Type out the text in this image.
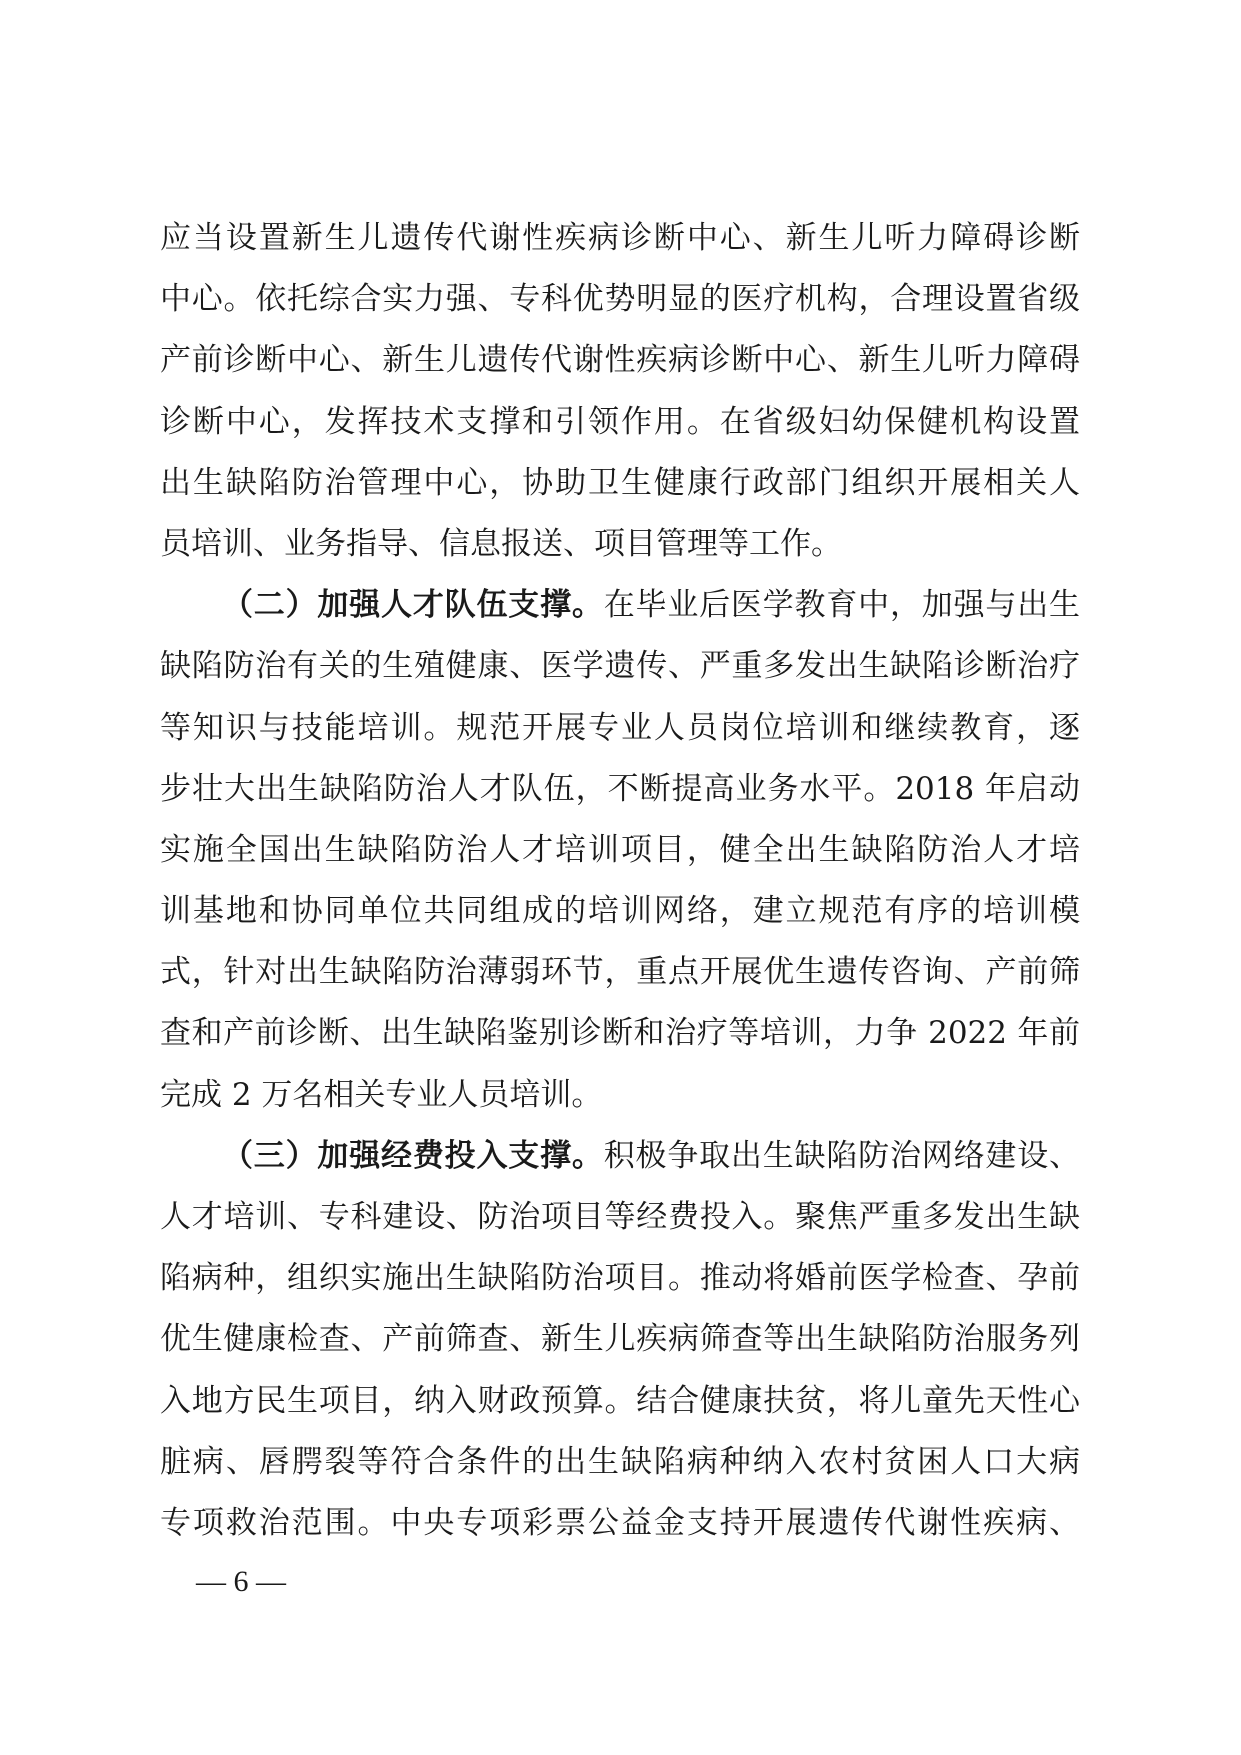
应当设置新生儿遗传代谢性疾病诊断中心、新生儿听力障碍诊断
中心。依托综合实力强、专科优势明显的医疗机构，合理设置省级
产前诊断中心、新生儿遗传代谢性疾病诊断中心、新生儿听力障碍
诊断中心，发挥技术支撑和引领作用。在省级妇幼保健机构设置
出生缺陷防治管理中心，协助卫生健康行政部门组织开展相关人
员培训、业务指导、信息报送、项目管理等工作。
（二）加强人才队伍支撑。在毕业后医学教育中，加强与出生
缺陷防治有关的生殖健康、医学遗传、严重多发出生缺陷诊断治疗
等知识与技能培训。规范开展专业人员岗位培训和继续教育，逐
步壮大出生缺陷防治人才队伍，不断提高业务水平。2018 年启动
实施全国出生缺陷防治人才培训项目，健全出生缺陷防治人才培
训基地和协同单位共同组成的培训网络，建立规范有序的培训模
式，针对出生缺陷防治薄弱环节，重点开展优生遗传咨询、产前筛
查和产前诊断、出生缺陷鉴别诊断和治疗等培训，力争 2022 年前
完成 2 万名相关专业人员培训。
（三）加强经费投入支撑。积极争取出生缺陷防治网络建设、
人才培训、专科建设、防治项目等经费投入。聚焦严重多发出生缺
陷病种，组织实施出生缺陷防治项目。推动将婚前医学检查、孕前
优生健康检查、产前筛查、新生儿疾病筛查等出生缺陷防治服务列
入地方民生项目，纳入财政预算。结合健康扶贫，将儿童先天性心
脏病、唇腭裂等符合条件的出生缺陷病种纳入农村贫困人口大病
专项救治范围。中央专项彩票公益金支持开展遗传代谢性疾病、
— 6 —
